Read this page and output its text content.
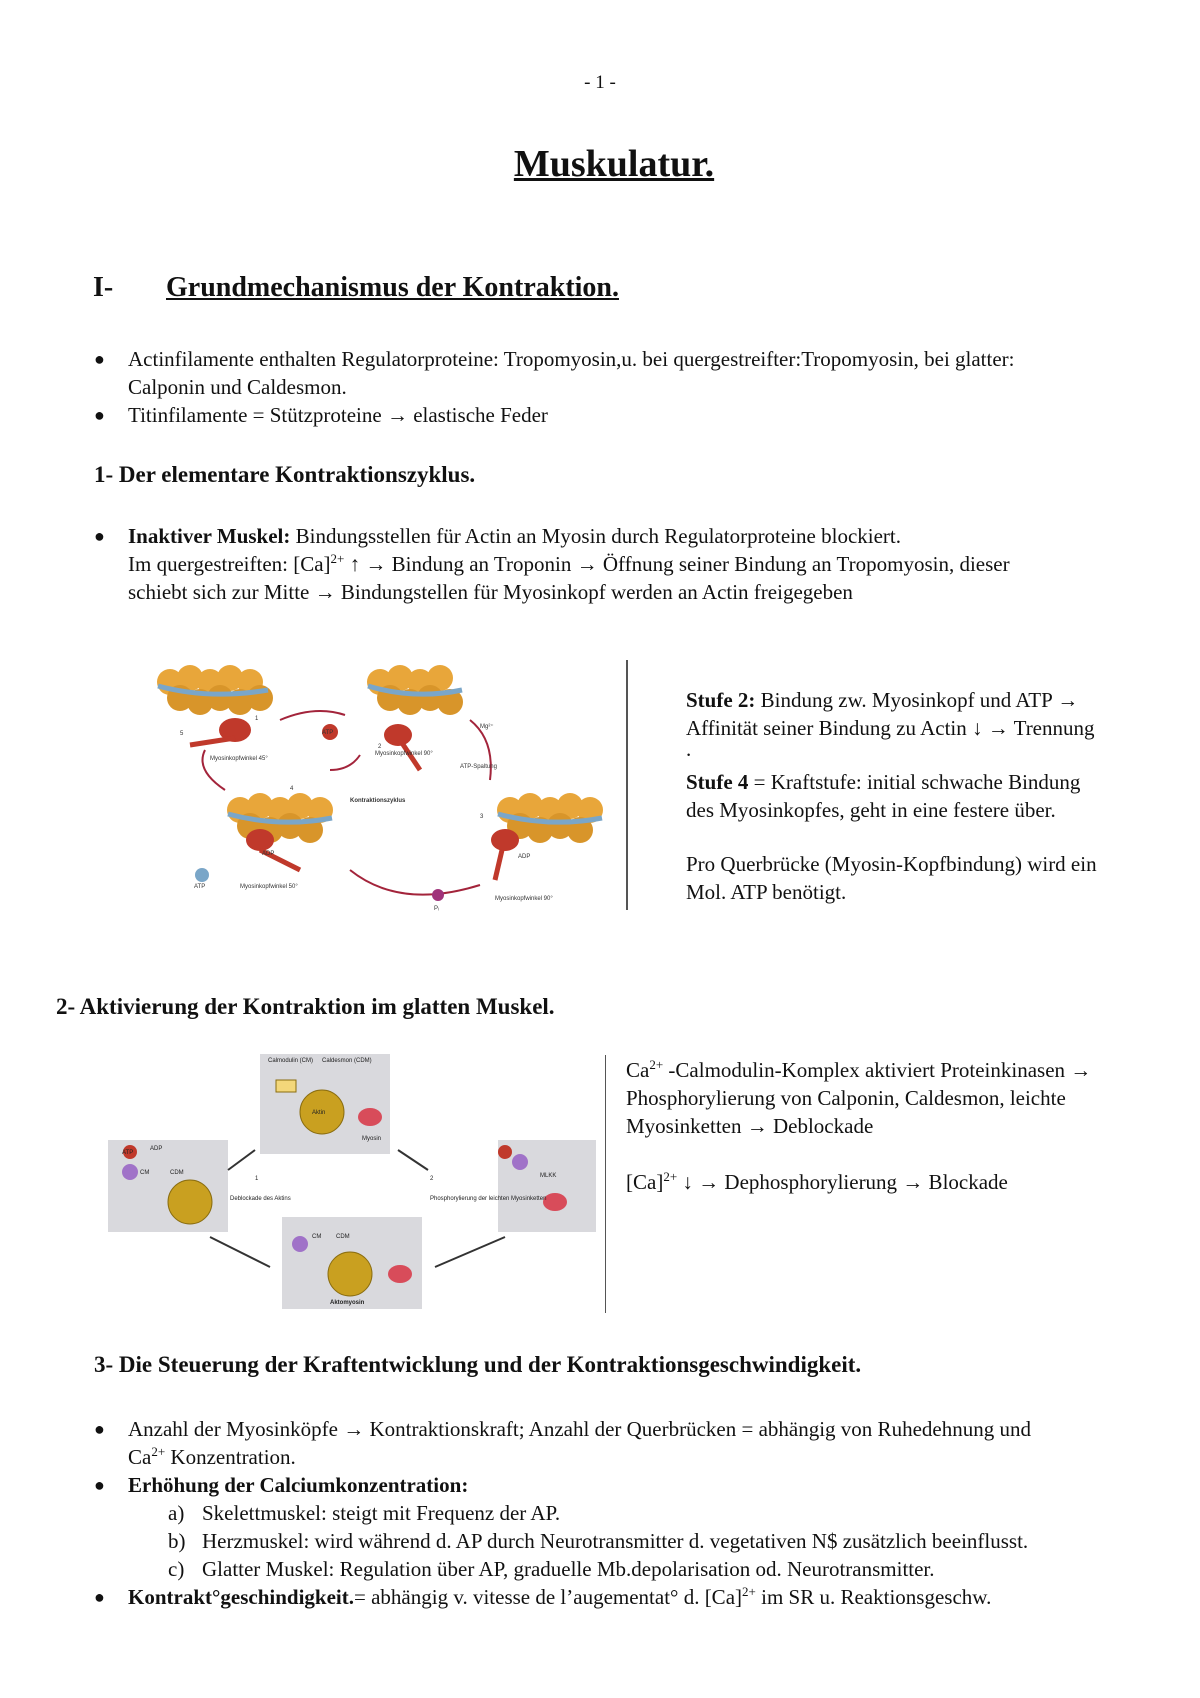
- 1 -
Muskulatur.
I- Grundmechanismus der Kontraktion.
● Actinfilamente enthalten Regulatorproteine: Tropomyosin,u. bei quergestreifter:Tropomyosin, bei glatter:
Calponin und Caldesmon.
● Titinfilamente = Stützproteine → elastische Feder
1- Der elementare Kontraktionszyklus.
● Inaktiver Muskel: Bindungsstellen für Actin an Myosin durch Regulatorproteine blockiert.
Im quergestreiften: $[Ca]^{2+}$ ↑ → Bindung an Troponin → Öffnung seiner Bindung an Tropomyosin, dieser
schiebt sich zur Mitte → Bindungstellen für Myosinkopf werden an Actin freigegeben
Myosinkopfwinkel 45°
ATP
Myosinkopfwinkel 90°
Mg²⁺
ATP-Spaltung
Kontraktionszyklus
ADP
ATP	Myosinkopfwinkel 50°
Pᵢ
ADP
Myosinkopfwinkel 90°
1
2
3
4
5
Stufe 2: Bindung zw. Myosinkopf und ATP →
Affinität seiner Bindung zu Actin ↓ → Trennung
.
Stufe 4 = Kraftstufe: initial schwache Bindung
des Myosinkopfes, geht in eine festere über.
Pro Querbrücke (Myosin-Kopfbindung) wird ein
Mol. ATP benötigt.
2- Aktivierung der Kontraktion im glatten Muskel.
Calmodulin (CM) Caldesmon (CDM)
Aktin
Myosin
ATP
ADP
CM	CDM
Deblockade des Aktins	Phosphorylierung der leichten Myosinketten
MLKK
CM CDM
Aktomyosin
1	2
$Ca^{2+}$ -Calmodulin-Komplex aktiviert Proteinkinasen →
Phosphorylierung von Calponin, Caldesmon, leichte
Myosinketten → Deblockade
$[Ca]^{2+}$ ↓ → Dephosphorylierung → Blockade
3- Die Steuerung der Kraftentwicklung und der Kontraktionsgeschwindigkeit.
● Anzahl der Myosinköpfe → Kontraktionskraft; Anzahl der Querbrücken = abhängig von Ruhedehnung und
$Ca^{2+}$ Konzentration.
● Erhöhung der Calciumkonzentration:
a) Skelettmuskel: steigt mit Frequenz der AP.
b) Herzmuskel: wird während d. AP durch Neurotransmitter d. vegetativen N$ zusätzlich beeinflusst.
c) Glatter Muskel: Regulation über AP, graduelle Mb.depolarisation od. Neurotransmitter.
● Kontrakt°geschindigkeit.= abhängig v. vitesse de l’augementat° d. $[Ca]^{2+}$ im SR u. Reaktionsgeschw.
